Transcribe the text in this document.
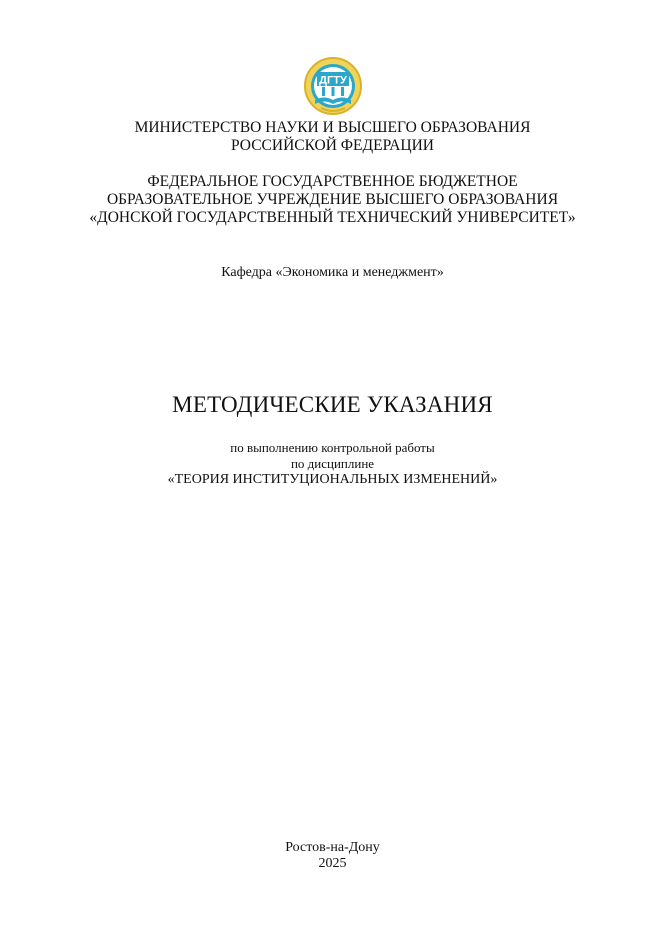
ДГТУ
МИНИСТЕРСТВО НАУКИ И ВЫСШЕГО ОБРАЗОВАНИЯ
РОССИЙСКОЙ ФЕДЕРАЦИИ
ФЕДЕРАЛЬНОЕ ГОСУДАРСТВЕННОЕ БЮДЖЕТНОЕ
ОБРАЗОВАТЕЛЬНОЕ УЧРЕЖДЕНИЕ ВЫСШЕГО ОБРАЗОВАНИЯ
«ДОНСКОЙ ГОСУДАРСТВЕННЫЙ ТЕХНИЧЕСКИЙ УНИВЕРСИТЕТ»
Кафедра «Экономика и менеджмент»
МЕТОДИЧЕСКИЕ УКАЗАНИЯ
по выполнению контрольной работы
по дисциплине
«ТЕОРИЯ ИНСТИТУЦИОНАЛЬНЫХ ИЗМЕНЕНИЙ»
Ростов-на-Дону
2025
